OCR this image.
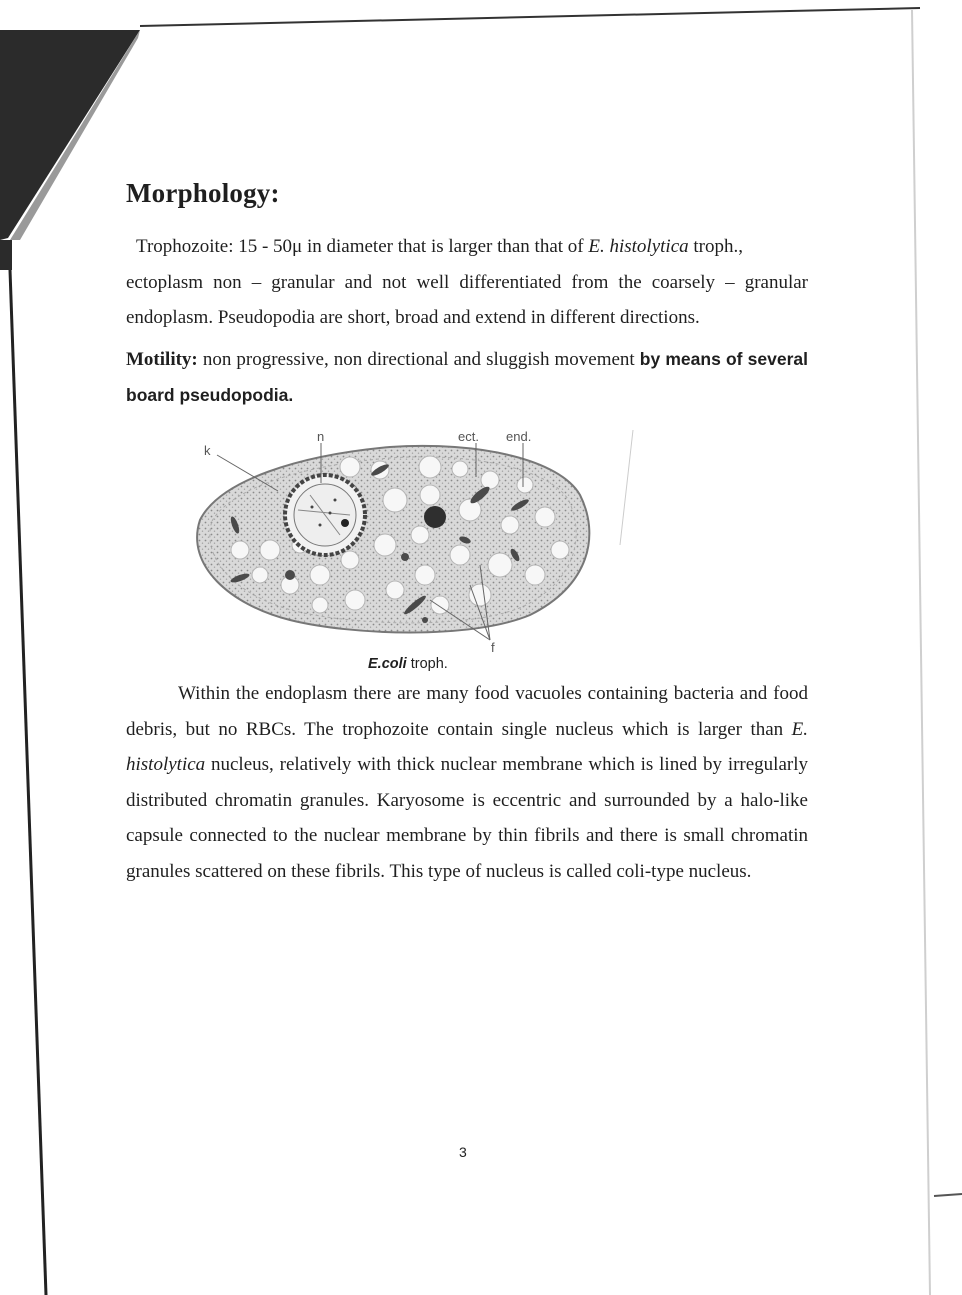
Morphology:

Trophozoite: 15 - 50μ in diameter that is larger than that of E. histolytica troph.,
ectoplasm non – granular and not well differentiated from the coarsely – granular endoplasm. Pseudopodia are short, broad and extend in different directions.

Motility: non progressive, non directional and sluggish movement by means of several board pseudopodia.

k
n	ect. end.
f

E.coli troph.

Within the endoplasm there are many food vacuoles containing bacteria and food debris, but no RBCs. The trophozoite contain single nucleus which is larger than E. histolytica nucleus, relatively with thick nuclear membrane which is lined by irregularly distributed chromatin granules. Karyosome is eccentric and surrounded by a halo-like capsule connected to the nuclear membrane by thin fibrils and there is small chromatin granules scattered on these fibrils. This type of nucleus is called coli-type nucleus.

3
